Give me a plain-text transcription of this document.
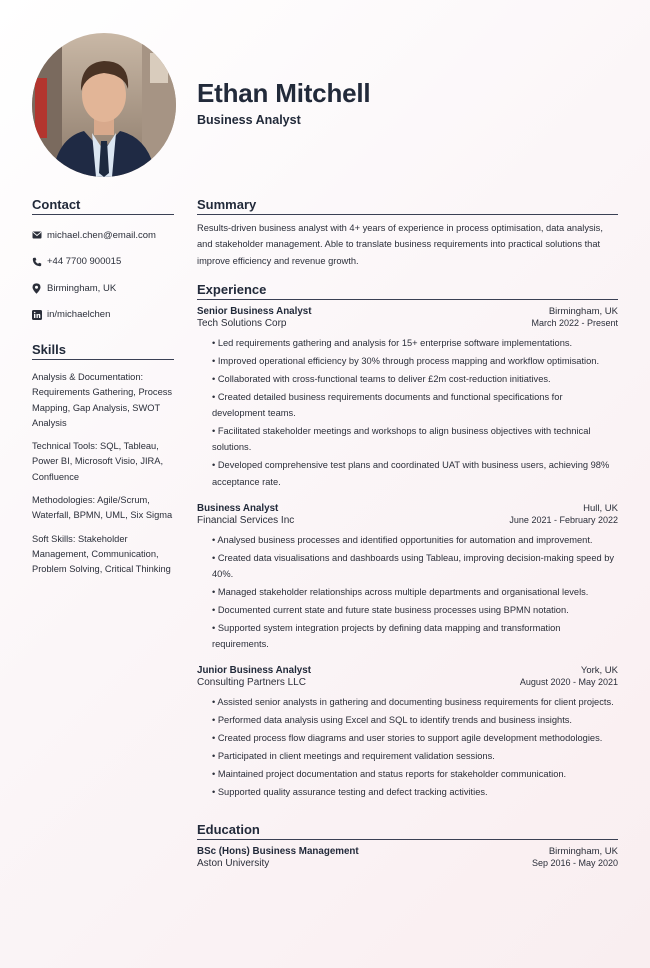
Ethan Mitchell
Business Analyst
Contact
michael.chen@email.com
+44 7700 900015
Birmingham, UK
in/michaelchen
Skills
Analysis & Documentation: Requirements Gathering, Process Mapping, Gap Analysis, SWOT Analysis
Technical Tools: SQL, Tableau, Power BI, Microsoft Visio, JIRA, Confluence
Methodologies: Agile/Scrum, Waterfall, BPMN, UML, Six Sigma
Soft Skills: Stakeholder Management, Communication, Problem Solving, Critical Thinking
Summary
Results-driven business analyst with 4+ years of experience in process optimisation, data analysis, and stakeholder management. Able to translate business requirements into practical solutions that improve efficiency and revenue growth.
Experience
Senior Business Analyst	Birmingham, UK
Tech Solutions Corp	March 2022 - Present
• Led requirements gathering and analysis for 15+ enterprise software implementations.
• Improved operational efficiency by 30% through process mapping and workflow optimisation.
• Collaborated with cross-functional teams to deliver £2m cost-reduction initiatives.
• Created detailed business requirements documents and functional specifications for development teams.
• Facilitated stakeholder meetings and workshops to align business objectives with technical solutions.
• Developed comprehensive test plans and coordinated UAT with business users, achieving 98% acceptance rate.
Business Analyst	Hull, UK
Financial Services Inc	June 2021 - February 2022
• Analysed business processes and identified opportunities for automation and improvement.
• Created data visualisations and dashboards using Tableau, improving decision-making speed by 40%.
• Managed stakeholder relationships across multiple departments and organisational levels.
• Documented current state and future state business processes using BPMN notation.
• Supported system integration projects by defining data mapping and transformation requirements.
Junior Business Analyst	York, UK
Consulting Partners LLC	August 2020 - May 2021
• Assisted senior analysts in gathering and documenting business requirements for client projects.
• Performed data analysis using Excel and SQL to identify trends and business insights.
• Created process flow diagrams and user stories to support agile development methodologies.
• Participated in client meetings and requirement validation sessions.
• Maintained project documentation and status reports for stakeholder communication.
• Supported quality assurance testing and defect tracking activities.
Education
BSc (Hons) Business Management	Birmingham, UK
Aston University	Sep 2016 - May 2020
